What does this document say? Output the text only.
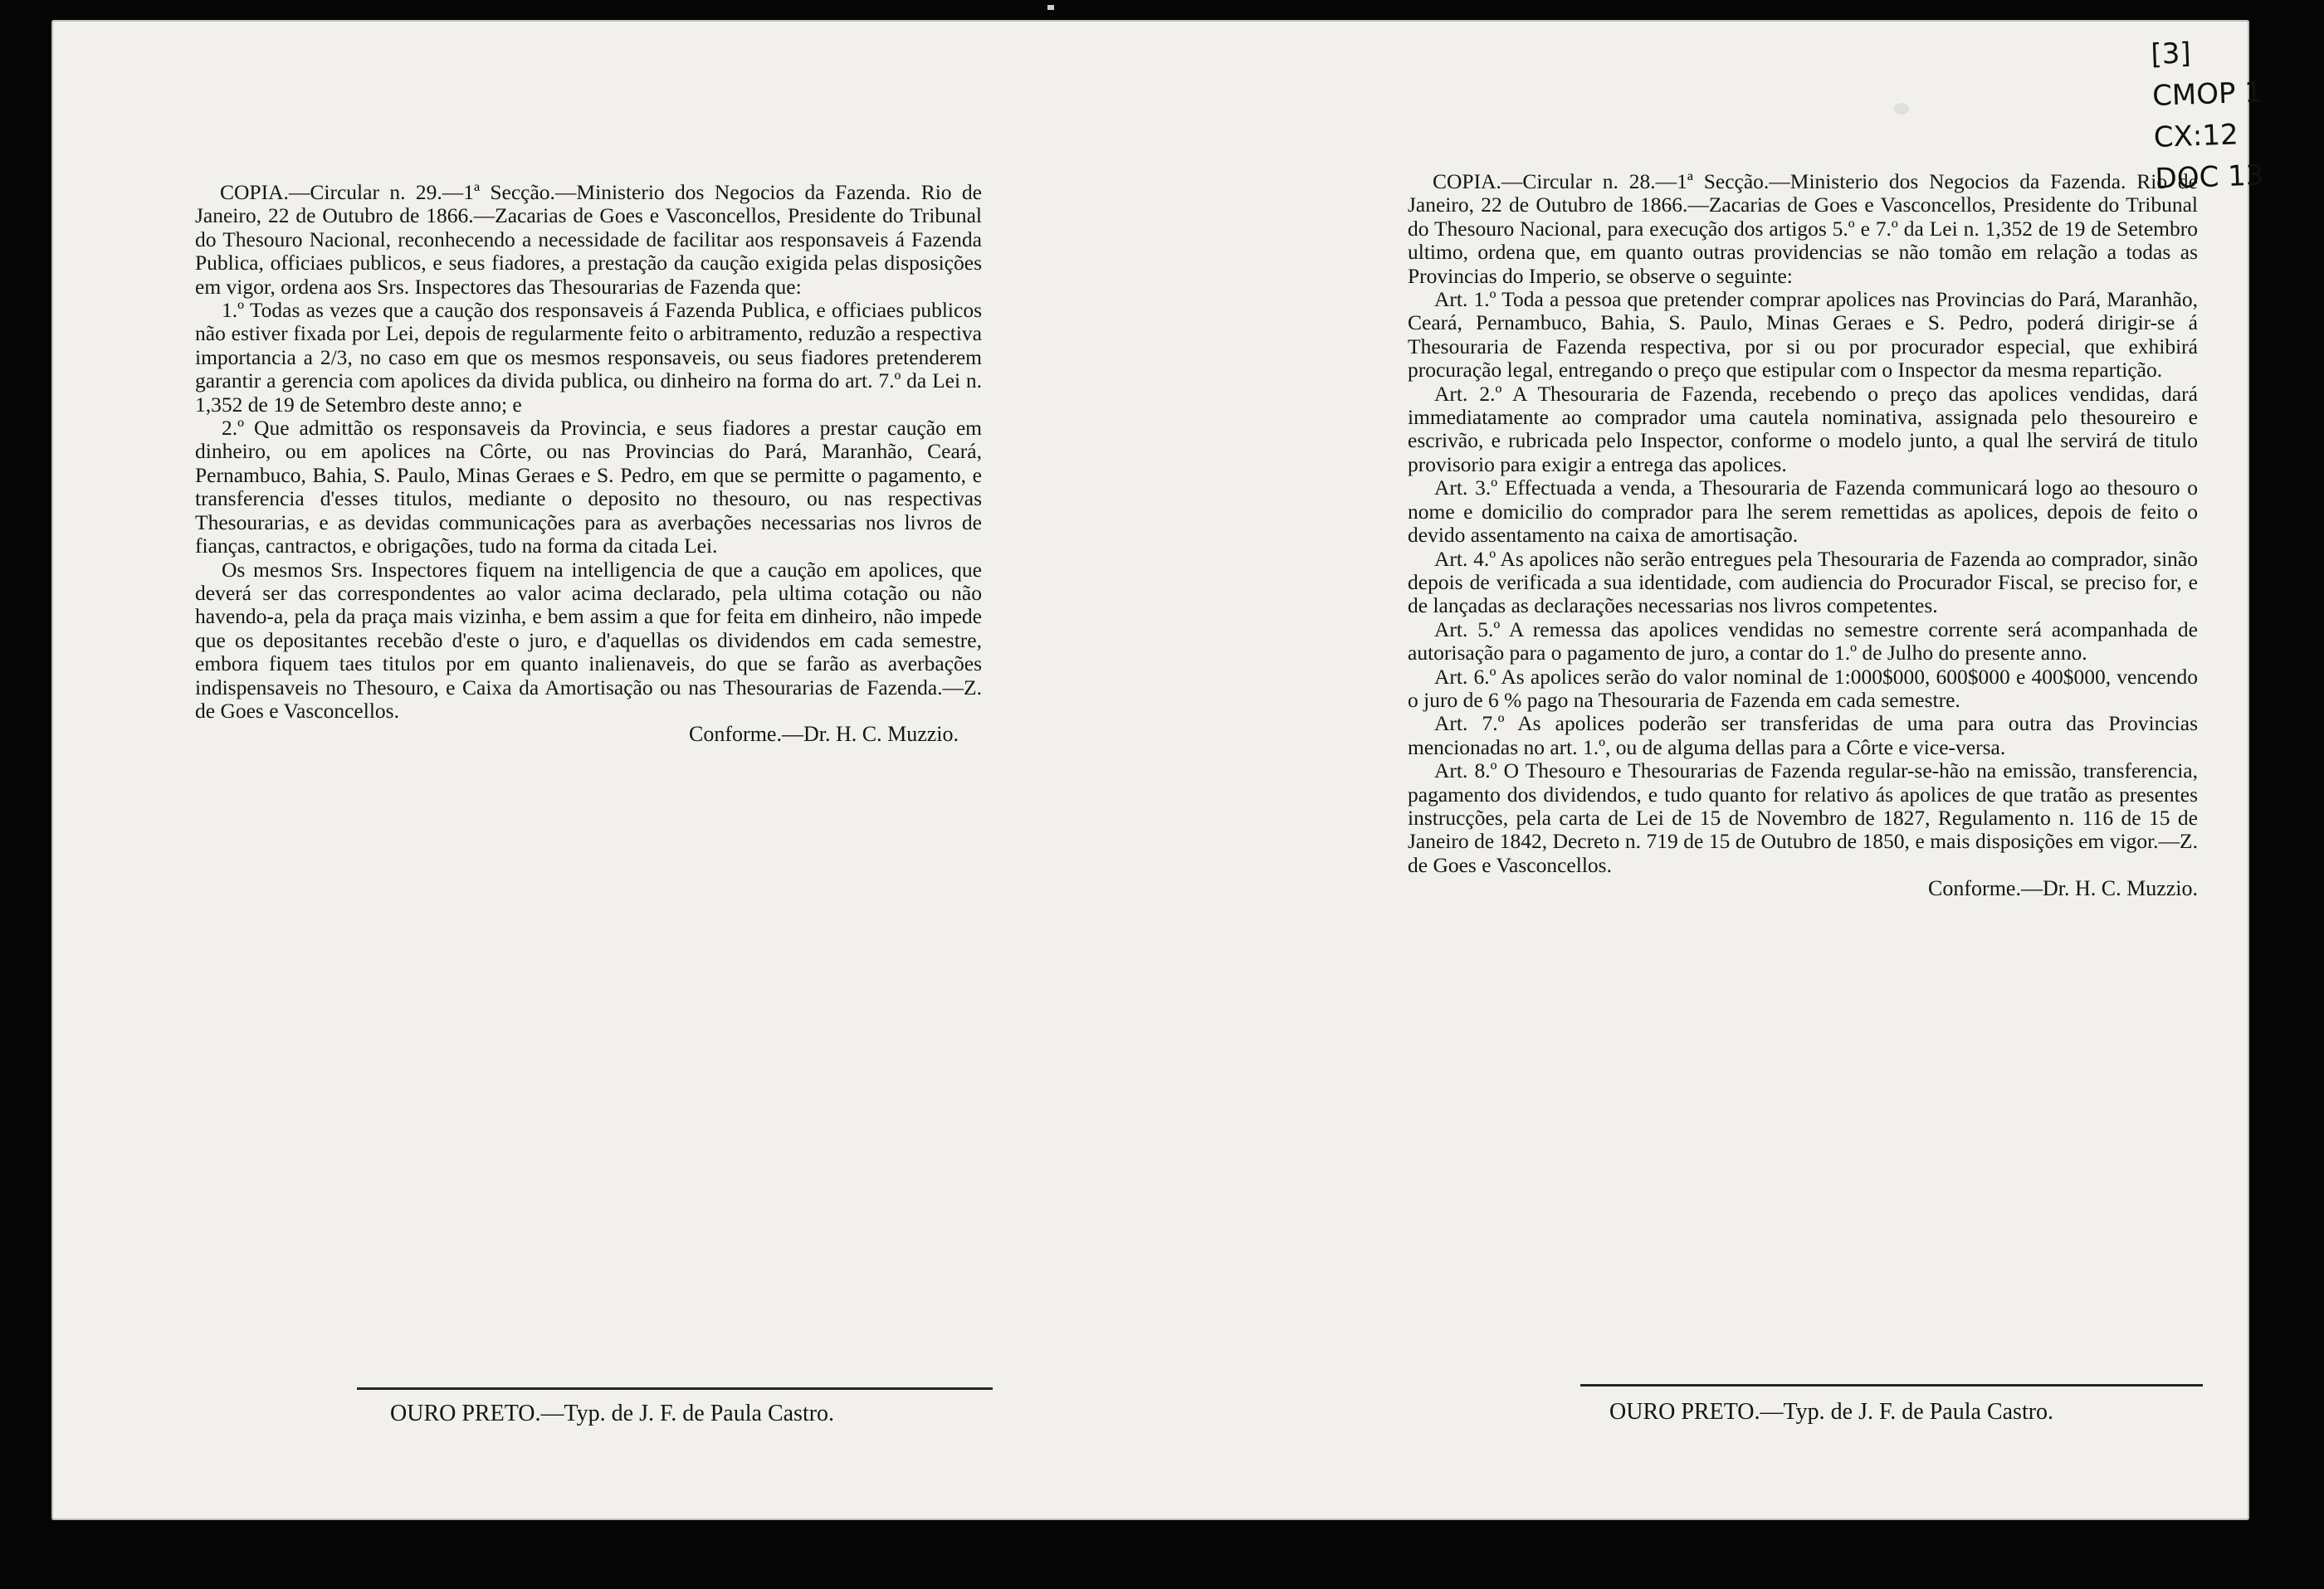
[3]
CMOP 1
CX:12
DOC 13

COPIA.—Circular n. 29.—1ª Secção.—Ministerio dos Negocios da Fazenda. Rio de Janeiro, 22 de Outubro de 1866.—Zacarias de Goes e Vasconcellos, Presidente do Tribunal do Thesouro Nacional, reconhecendo a necessidade de facilitar aos responsaveis á Fazenda Publica, officiaes publicos, e seus fiadores, a prestação da caução exigida pelas disposições em vigor, ordena aos Srs. Inspectores das Thesourarias de Fazenda que:

1.º Todas as vezes que a caução dos responsaveis á Fazenda Publica, e officiaes publicos não estiver fixada por Lei, depois de regularmente feito o arbitramento, reduzão a respectiva importancia a 2/3, no caso em que os mesmos responsaveis, ou seus fiadores pretenderem garantir a gerencia com apolices da divida publica, ou dinheiro na forma do art. 7.º da Lei n. 1,352 de 19 de Setembro deste anno; e

2.º Que admittão os responsaveis da Provincia, e seus fiadores a prestar caução em dinheiro, ou em apolices na Côrte, ou nas Provincias do Pará, Maranhão, Ceará, Pernambuco, Bahia, S. Paulo, Minas Geraes e S. Pedro, em que se permitte o pagamento, e transferencia d'esses titulos, mediante o deposito no thesouro, ou nas respectivas Thesourarias, e as devidas communicações para as averbações necessarias nos livros de fianças, cantractos, e obrigações, tudo na forma da citada Lei.

Os mesmos Srs. Inspectores fiquem na intelligencia de que a caução em apolices, que deverá ser das correspondentes ao valor acima declarado, pela ultima cotação ou não havendo-a, pela da praça mais vizinha, e bem assim a que for feita em dinheiro, não impede que os depositantes recebão d'este o juro, e d'aquellas os dividendos em cada semestre, embora fiquem taes titulos por em quanto inalienaveis, do que se farão as averbações indispensaveis no Thesouro, e Caixa da Amortisação ou nas Thesourarias de Fazenda.—Z. de Goes e Vasconcellos.

Conforme.—Dr. H. C. Muzzio.

COPIA.—Circular n. 28.—1ª Secção.—Ministerio dos Negocios da Fazenda. Rio de Janeiro, 22 de Outubro de 1866.—Zacarias de Goes e Vasconcellos, Presidente do Tribunal do Thesouro Nacional, para execução dos artigos 5.º e 7.º da Lei n. 1,352 de 19 de Setembro ultimo, ordena que, em quanto outras providencias se não tomão em relação a todas as Provincias do Imperio, se observe o seguinte:

Art. 1.º Toda a pessoa que pretender comprar apolices nas Provincias do Pará, Maranhão, Ceará, Pernambuco, Bahia, S. Paulo, Minas Geraes e S. Pedro, poderá dirigir-se á Thesouraria de Fazenda respectiva, por si ou por procurador especial, que exhibirá procuração legal, entregando o preço que estipular com o Inspector da mesma repartição.

Art. 2.º A Thesouraria de Fazenda, recebendo o preço das apolices vendidas, dará immediatamente ao comprador uma cautela nominativa, assignada pelo thesoureiro e escrivão, e rubricada pelo Inspector, conforme o modelo junto, a qual lhe servirá de titulo provisorio para exigir a entrega das apolices.

Art. 3.º Effectuada a venda, a Thesouraria de Fazenda communicará logo ao thesouro o nome e domicilio do comprador para lhe serem remettidas as apolices, depois de feito o devido assentamento na caixa de amortisação.

Art. 4.º As apolices não serão entregues pela Thesouraria de Fazenda ao comprador, sinão depois de verificada a sua identidade, com audiencia do Procurador Fiscal, se preciso for, e de lançadas as declarações necessarias nos livros competentes.

Art. 5.º A remessa das apolices vendidas no semestre corrente será acompanhada de autorisação para o pagamento de juro, a contar do 1.º de Julho do presente anno.

Art. 6.º As apolices serão do valor nominal de 1:000$000, 600$000 e 400$000, vencendo o juro de 6 % pago na Thesouraria de Fazenda em cada semestre.

Art. 7.º As apolices poderão ser transferidas de uma para outra das Provincias mencionadas no art. 1.º, ou de alguma dellas para a Côrte e vice-versa.

Art. 8.º O Thesouro e Thesourarias de Fazenda regular-se-hão na emissão, transferencia, pagamento dos dividendos, e tudo quanto for relativo ás apolices de que tratão as presentes instrucções, pela carta de Lei de 15 de Novembro de 1827, Regulamento n. 116 de 15 de Janeiro de 1842, Decreto n. 719 de 15 de Outubro de 1850, e mais disposições em vigor.—Z. de Goes e Vasconcellos.

Conforme.—Dr. H. C. Muzzio.

OURO PRETO.—Typ. de J. F. de Paula Castro.	OURO PRETO.—Typ. de J. F. de Paula Castro.
